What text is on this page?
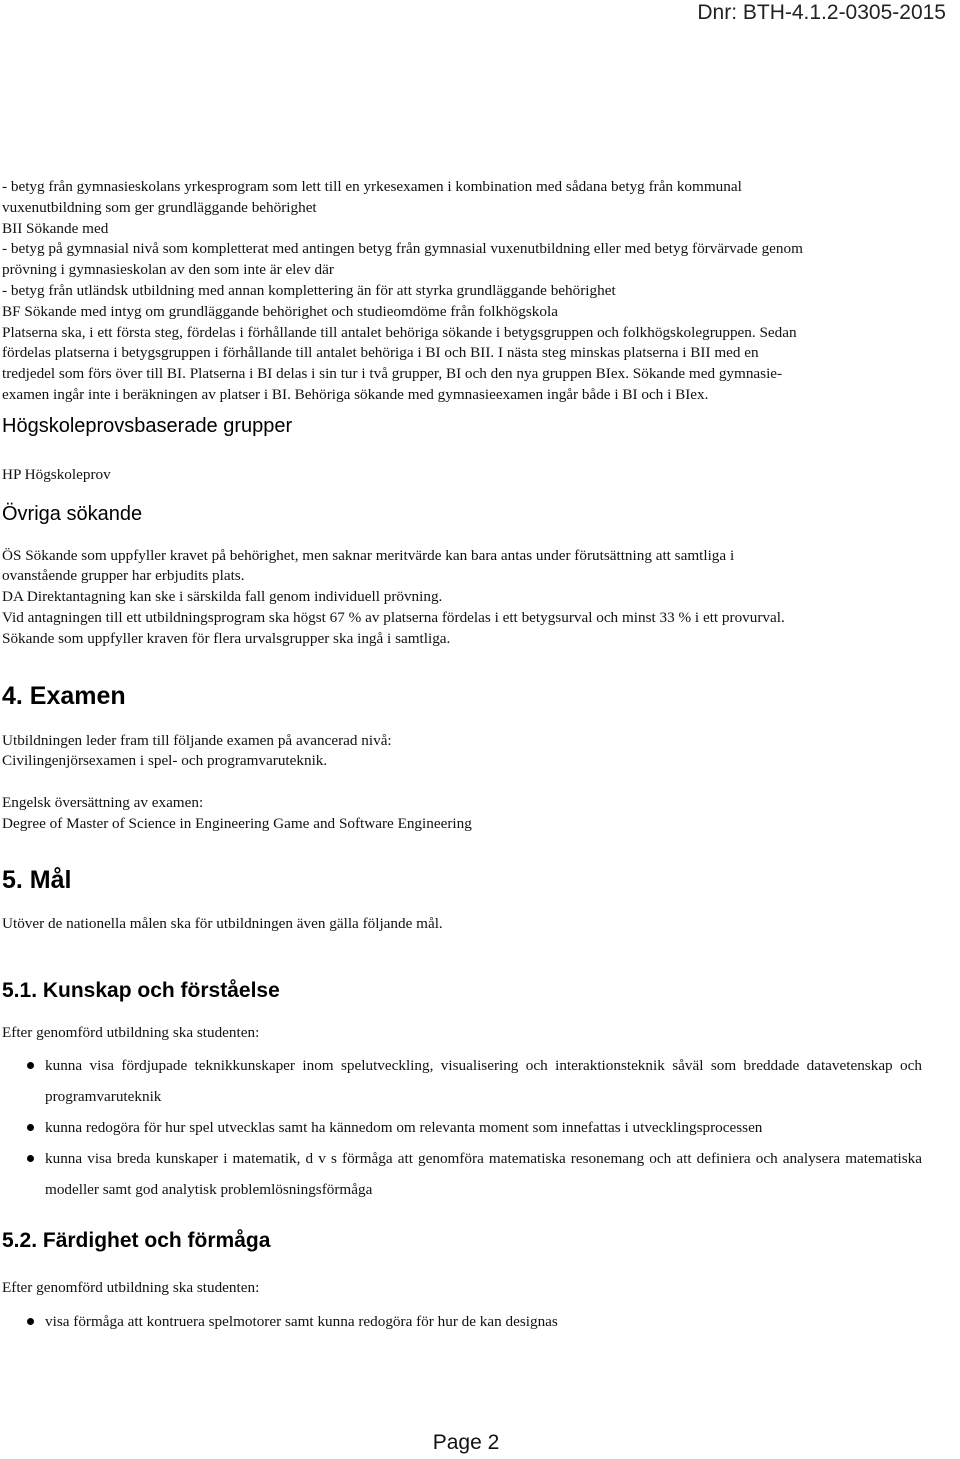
Dnr: BTH-4.1.2-0305-2015
- betyg från gymnasieskolans yrkesprogram som lett till en yrkesexamen i kombination med sådana betyg från kommunal
vuxenutbildning som ger grundläggande behörighet
BII Sökande med
- betyg på gymnasial nivå som kompletterat med antingen betyg från gymnasial vuxenutbildning eller med betyg förvärvade genom
prövning i gymnasieskolan av den som inte är elev där
- betyg från utländsk utbildning med annan komplettering än för att styrka grundläggande behörighet
BF Sökande med intyg om grundläggande behörighet och studieomdöme från folkhögskola
Platserna ska, i ett första steg, fördelas i förhållande till antalet behöriga sökande i betygsgruppen och folkhögskolegruppen. Sedan
fördelas platserna i betygsgruppen i förhållande till antalet behöriga i BI och BII. I nästa steg minskas platserna i BII med en
tredjedel som förs över till BI. Platserna i BI delas i sin tur i två grupper, BI och den nya gruppen BIex. Sökande med gymnasie-
examen ingår inte i beräkningen av platser i BI. Behöriga sökande med gymnasieexamen ingår både i BI och i BIex.
Högskoleprovsbaserade grupper

HP Högskoleprov

Övriga sökande
ÖS Sökande som uppfyller kravet på behörighet, men saknar meritvärde kan bara antas under förutsättning att samtliga i
ovanstående grupper har erbjudits plats.
DA Direktantagning kan ske i särskilda fall genom individuell prövning.
Vid antagningen till ett utbildningsprogram ska högst 67 % av platserna fördelas i ett betygsurval och minst 33 % i ett provurval.
Sökande som uppfyller kraven för flera urvalsgrupper ska ingå i samtliga.
4. Examen
Utbildningen leder fram till följande examen på avancerad nivå:
Civilingenjörsexamen i spel- och programvaruteknik.
Engelsk översättning av examen:
Degree of Master of Science in Engineering Game and Software Engineering
5. Mål

Utöver de nationella målen ska för utbildningen även gälla följande mål.

5.1. Kunskap och förståelse

Efter genomförd utbildning ska studenten:

kunna visa fördjupade teknikkunskaper inom spelutveckling, visualisering och interaktionsteknik såväl som breddade datavetenskap och programvaruteknik
kunna redogöra för hur spel utvecklas samt ha kännedom om relevanta moment som innefattas i utvecklingsprocessen
kunna visa breda kunskaper i matematik, d v s förmåga att genomföra matematiska resonemang och att definiera och analysera matematiska modeller samt god analytisk problemlösningsförmåga
5.2. Färdighet och förmåga

Efter genomförd utbildning ska studenten:

visa förmåga att kontruera spelmotorer samt kunna redogöra för hur de kan designas
Page 2
